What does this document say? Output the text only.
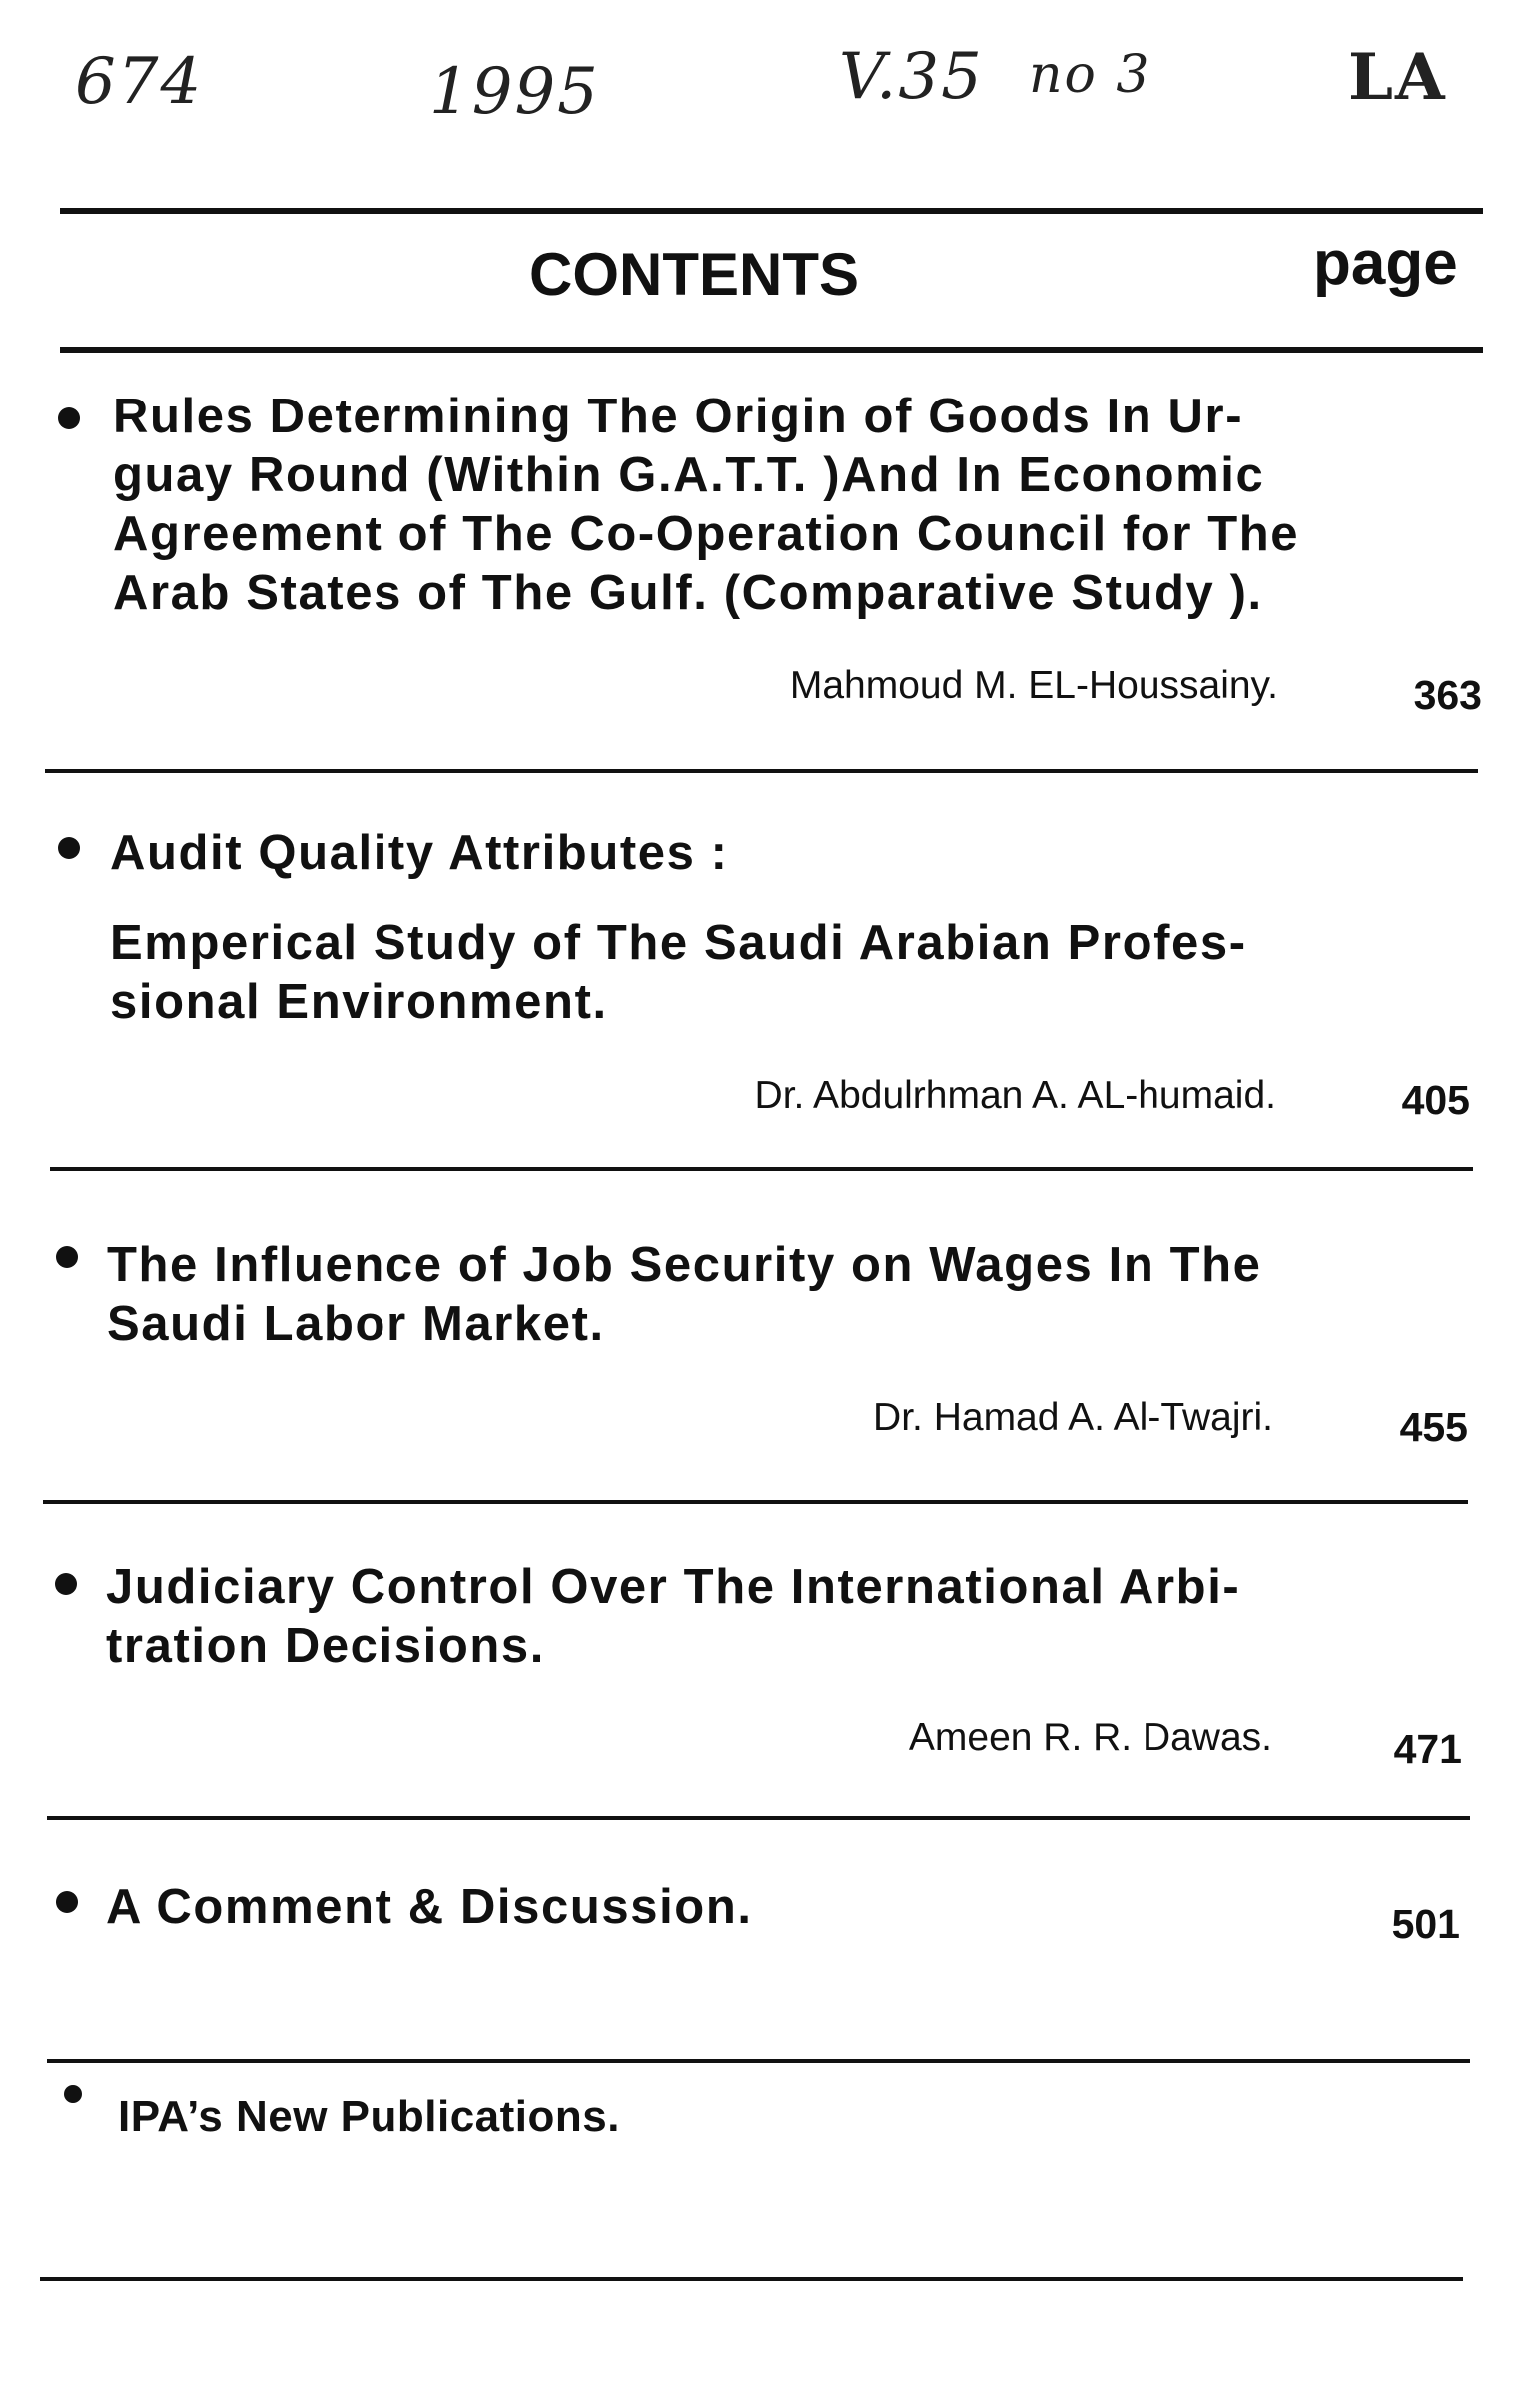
674	1995	V.35 no 3	LA
CONTENTS	page
Rules Determining The Origin of Goods In Ur-
guay Round (Within G.A.T.T. )And In Economic
Agreement of The Co-Operation Council for The
Arab States of The Gulf. (Comparative Study ).
Mahmoud M. EL-Houssainy.	363
Audit Quality Attributes :
Emperical Study of The Saudi Arabian Profes-
sional Environment.
Dr. Abdulrhman A. AL-humaid.	405
The Influence of Job Security on Wages In The
Saudi Labor Market.
Dr. Hamad A. Al-Twajri.	455
Judiciary Control Over The International Arbi-
tration Decisions.
Ameen R. R. Dawas.	471
A Comment & Discussion.	501
IPA’s New Publications.
